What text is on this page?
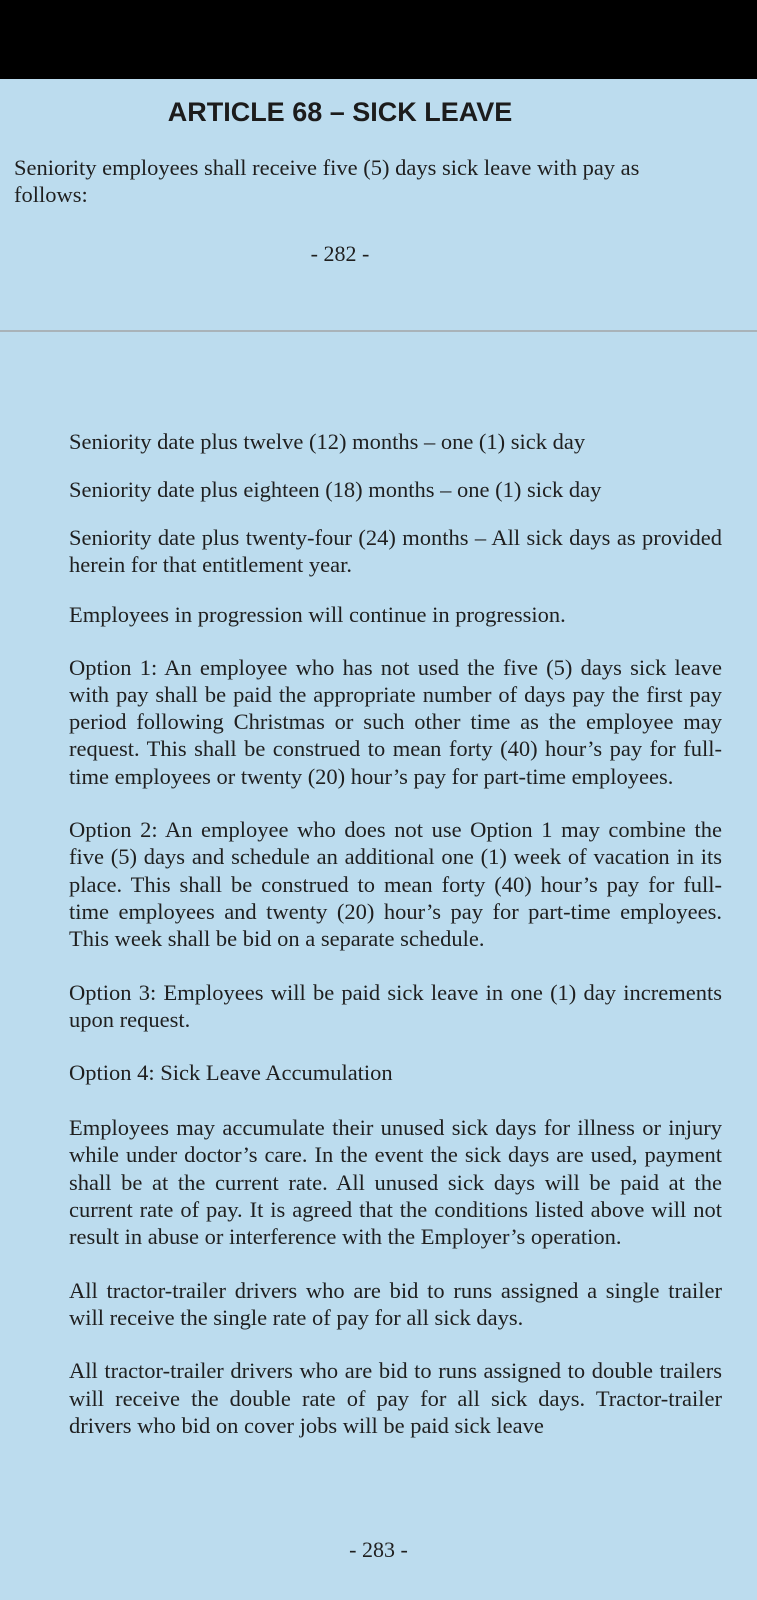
ARTICLE 68 – SICK LEAVE

Seniority employees shall receive five (5) days sick leave with pay as follows:

- 282 -

Seniority date plus twelve (12) months – one (1) sick day

Seniority date plus eighteen (18) months – one (1) sick day

Seniority date plus twenty-four (24) months – All sick days as provided herein for that entitlement year.

Employees in progression will continue in progression.

Option 1: An employee who has not used the five (5) days sick leave with pay shall be paid the appropriate number of days pay the first pay period following Christmas or such other time as the employee may request. This shall be construed to mean forty (40) hour’s pay for full-time employees or twenty (20) hour’s pay for part-time employees.

Option 2: An employee who does not use Option 1 may combine the five (5) days and schedule an additional one (1) week of vacation in its place. This shall be construed to mean forty (40) hour’s pay for full-time employees and twenty (20) hour’s pay for part-time employees. This week shall be bid on a separate schedule.

Option 3: Employees will be paid sick leave in one (1) day increments upon request.

Option 4: Sick Leave Accumulation

Employees may accumulate their unused sick days for illness or injury while under doctor’s care. In the event the sick days are used, payment shall be at the current rate. All unused sick days will be paid at the current rate of pay. It is agreed that the conditions listed above will not result in abuse or interference with the Employer’s operation.

All tractor-trailer drivers who are bid to runs assigned a single trailer will receive the single rate of pay for all sick days.

All tractor-trailer drivers who are bid to runs assigned to double trailers will receive the double rate of pay for all sick days. Tractor-trailer drivers who bid on cover jobs will be paid sick leave

- 283 -
